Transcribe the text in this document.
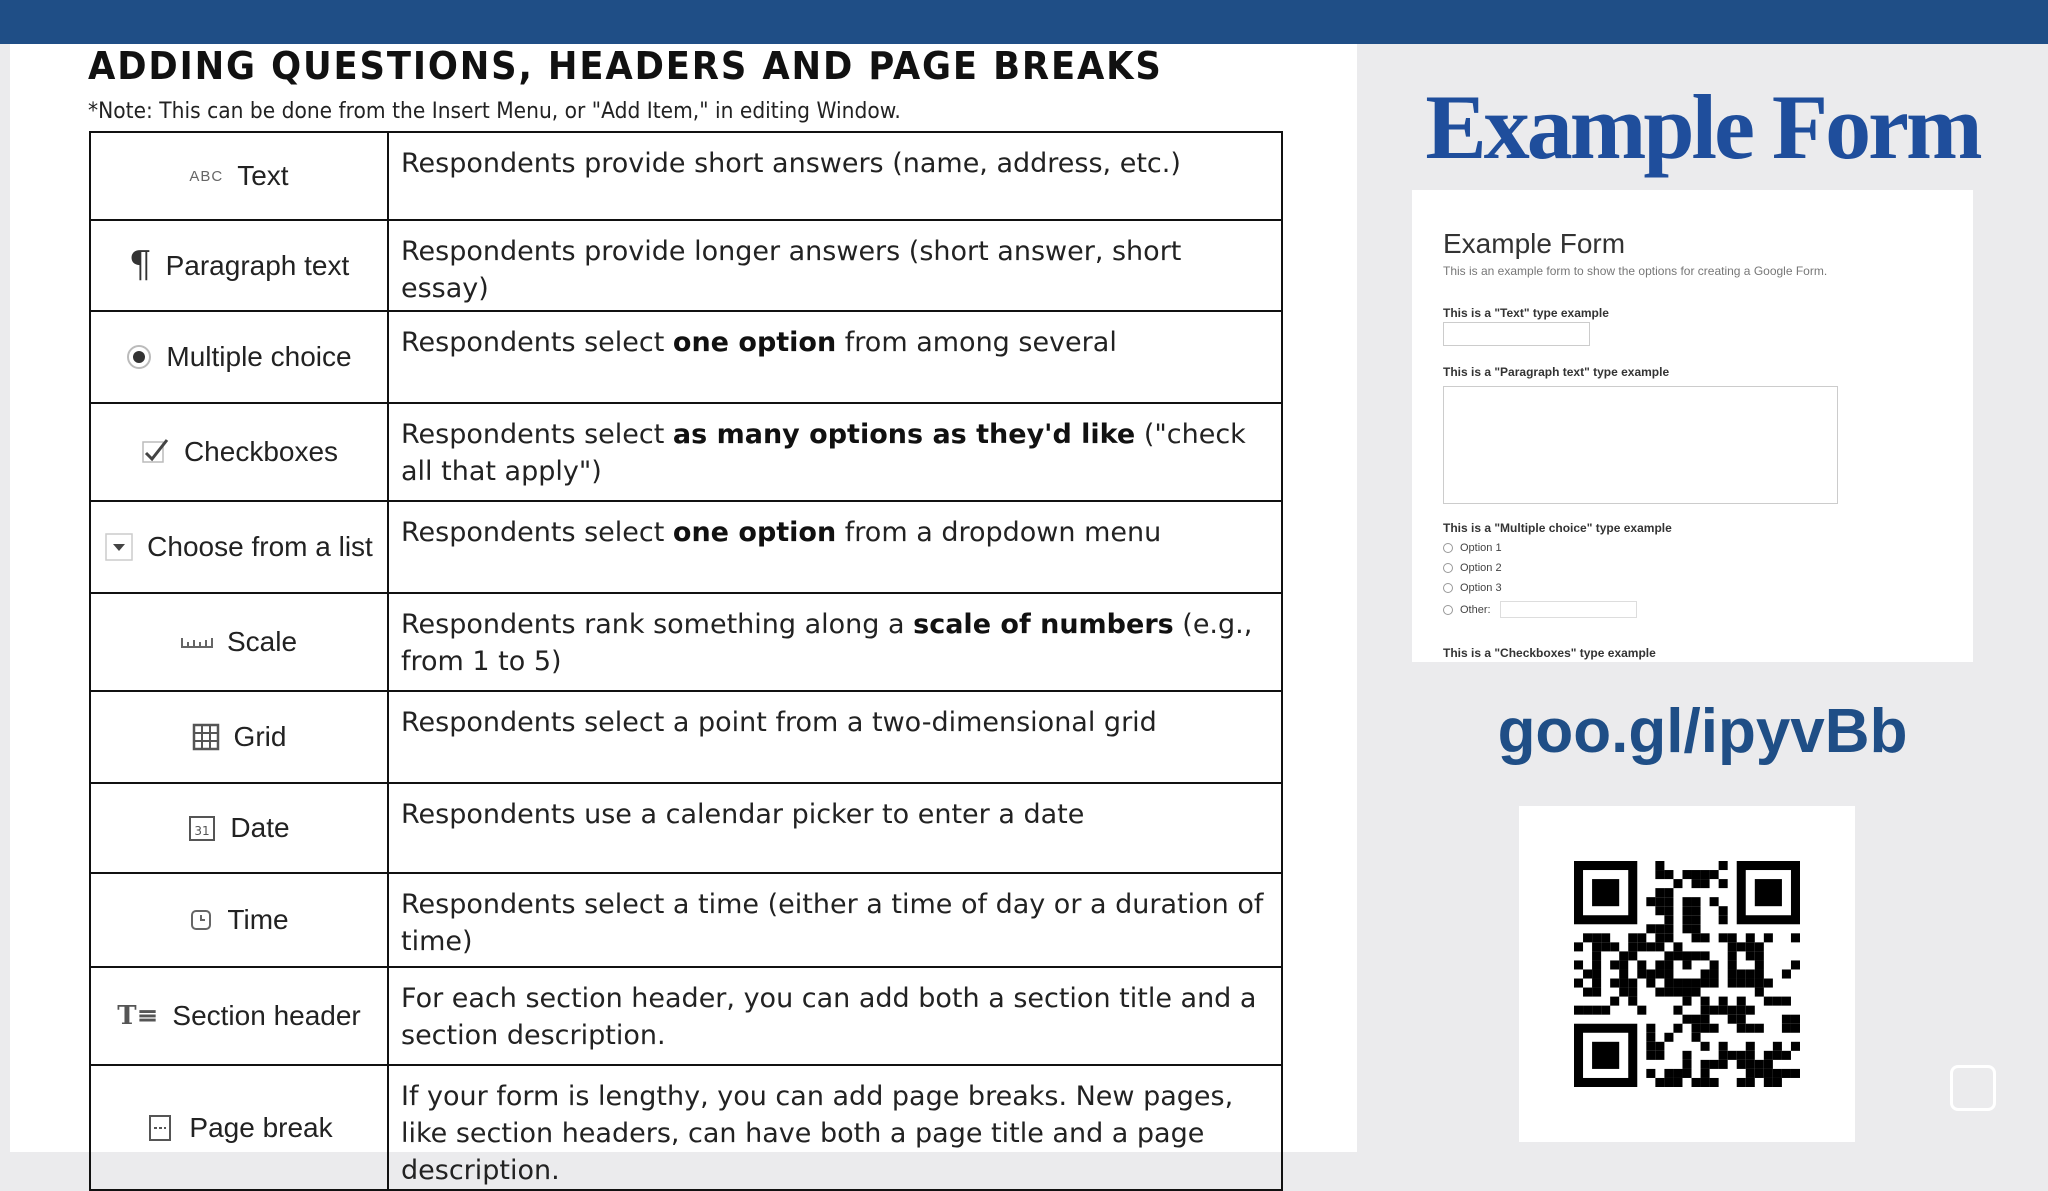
ADDING QUESTIONS, HEADERS AND PAGE BREAKS
*Note: This can be done from the Insert Menu, or "Add Item," in editing Window.
ABC Text	Respondents provide short answers (name, address, etc.)

¶ Paragraph text	Respondents provide longer answers (short answer, short essay)

Multiple choice	Respondents select one option from among several

Checkboxes	Respondents select as many options as they'd like ("check all that apply")

Choose from a list	Respondents select one option from a dropdown menu

Scale	Respondents rank something along a scale of numbers (e.g., from 1 to 5)

Grid	Respondents select a point from a two-dimensional grid

31 Date	Respondents use a calendar picker to enter a date

Time	Respondents select a time (either a time of day or a duration of time)

T≡ Section header	For each section header, you can add both a section title and a section description.

Page break	If your form is lengthy, you can add page breaks. New pages, like section headers, can have both a page title and a page description.
Example Form
Example Form
This is an example form to show the options for creating a Google Form.
This is a "Text" type example
This is a "Paragraph text" type example
This is a "Multiple choice" type example
Option 1
Option 2
Option 3
Other:
This is a "Checkboxes" type example
goo.gl/ipyvBb
